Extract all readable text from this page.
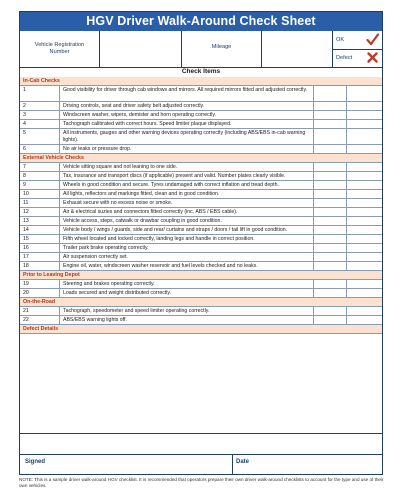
HGV Driver Walk-Around Check Sheet
Vehicle Registration Number
Mileage
OK
Defect
Check Items
In-Cab Checks
1	Good visibility for driver through cab windows and mirrors. All required mirrors fitted and adjusted correctly.
2	Driving controls, seat and driver safety belt adjusted correctly.
3	Windscreen washer, wipers, demister and horn operating correctly.
4	Tachograph calibrated with correct hours. Speed limiter plaque displayed.
5	All instruments, gauges and other warning devices operating correctly (including ABS/EBS in-cab warning lights).
6	No air leaks or pressure drop.
External Vehicle Checks
7	Vehicle sitting square and not leaning to one side.
8	Tax, insurance and transport discs (if applicable) present and valid. Number plates clearly visible.
9	Wheels in good condition and secure. Tyres undamaged with correct inflation and tread depth.
10	All lights, reflectors and markings fitted, clean and in good condition.
11	Exhaust secure with no excess noise or smoke.
12	Air & electrical suzies and connectors fitted correctly (inc. ABS / EBS cable).
13	Vehicle access, steps, catwalk or drawbar coupling in good condition.
14	Vehicle body / wings / guards, side and rear/ curtains and straps / doors / tail lift in good condition.
15	Fifth wheel located and locked correctly, landing legs and handle in correct position.
16	Trailer park brake operating correctly.
17	Air suspension correctly set.
18	Engine oil, water, windscreen washer reservoir and fuel levels checked and no leaks.
Prior to Leaving Depot
19	Steering and brakes operating correctly.
20	Loads secured and weight distributed correctly.
On-the-Road
21	Tachograph, speedometer and speed limiter operating correctly.
22	ABS/EBS warning lights off.
Defect Details
Signed	Date
NOTE: This is a sample driver walk-around HGV checklist. It is recommended that operators prepare their own driver walk-around checklists to account for the type and use of their own vehicles.
